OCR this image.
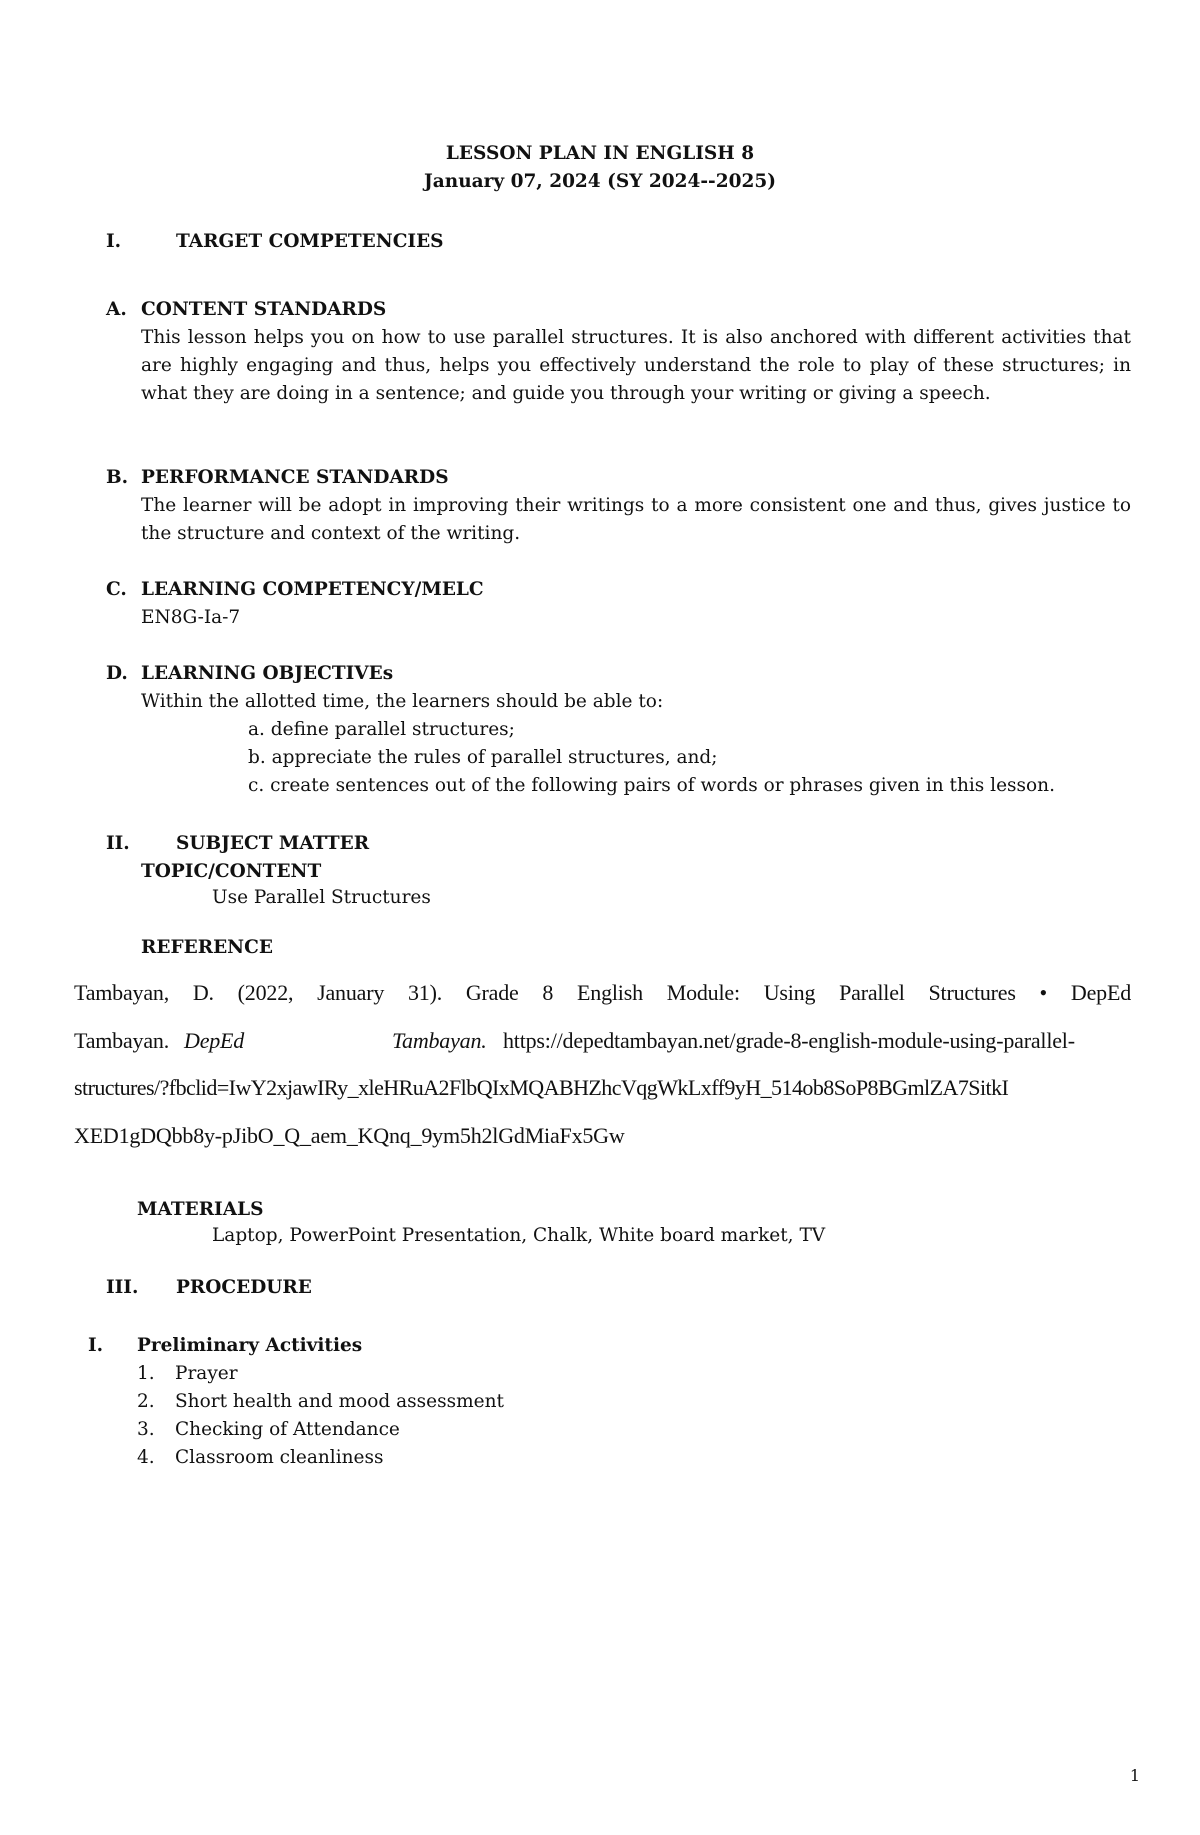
LESSON PLAN IN ENGLISH 8
January 07, 2024 (SY 2024--2025)
I.	TARGET COMPETENCIES
A. CONTENT STANDARDS

This lesson helps you on how to use parallel structures. It is also anchored with different activities that are highly engaging and thus, helps you effectively understand the role to play of these structures; in what they are doing in a sentence; and guide you through your writing or giving a speech.

B. PERFORMANCE STANDARDS

The learner will be adopt in improving their writings to a more consistent one and thus, gives justice to the structure and context of the writing.

C. LEARNING COMPETENCY/MELC
EN8G-Ia-7
D. LEARNING OBJECTIVEs
Within the allotted time, the learners should be able to:
a. define parallel structures;
b. appreciate the rules of parallel structures, and;
c. create sentences out of the following pairs of words or phrases given in this lesson.
II.	SUBJECT MATTER
TOPIC/CONTENT
Use Parallel Structures
REFERENCE
Tambayan, D. (2022, January 31). Grade 8 English Module: Using Parallel Structures • DepEd
Tambayan. DepEd	Tambayan. https://depedtambayan.net/grade-8-english-module-using-parallel-
structures/?fbclid=IwY2xjawIRy_xleHRuA2FlbQIxMQABHZhcVqgWkLxff9yH_514ob8SoP8BGmlZA7SitkI
XED1gDQbb8y-pJibO_Q_aem_KQnq_9ym5h2lGdMiaFx5Gw
MATERIALS
Laptop, PowerPoint Presentation, Chalk, White board market, TV
III. PROCEDURE
I. Preliminary Activities
1.	Prayer
2.	Short health and mood assessment
3.	Checking of Attendance
4.	Classroom cleanliness
1
